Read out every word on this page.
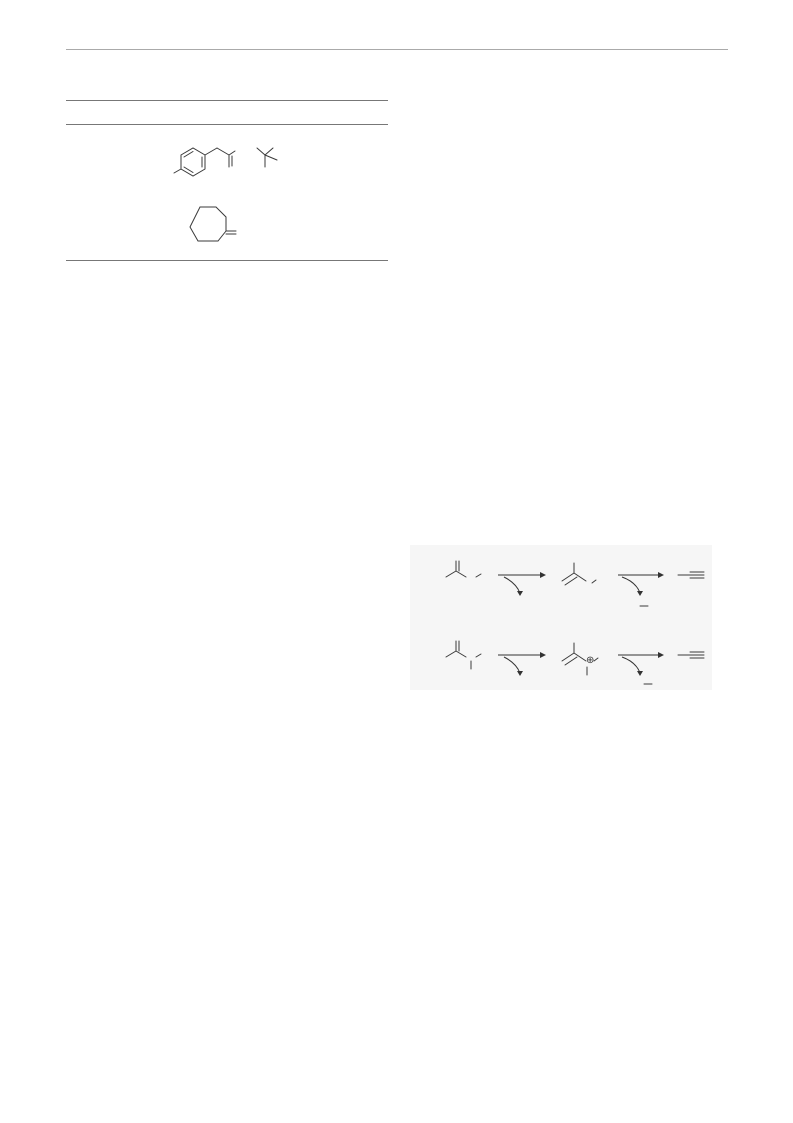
⊕
